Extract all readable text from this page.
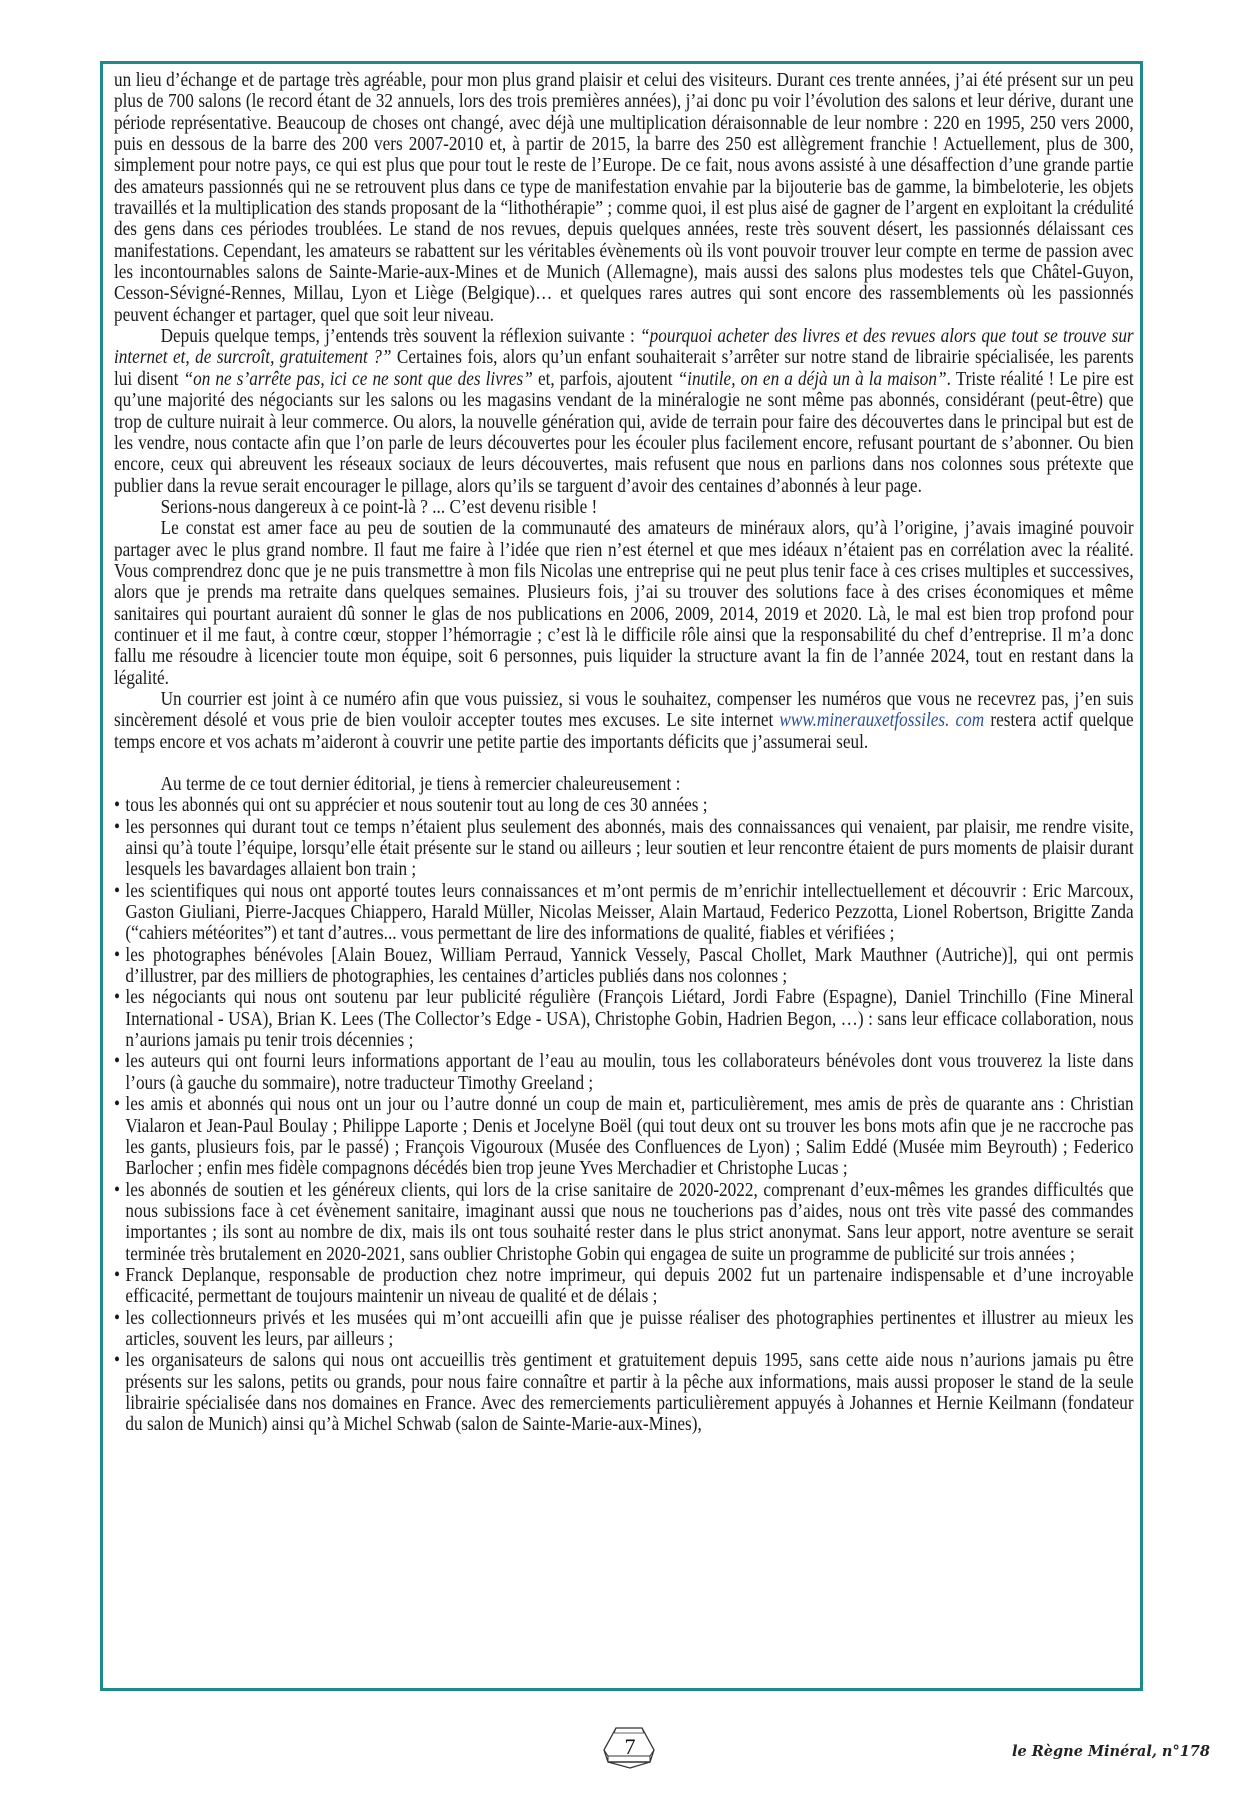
un lieu d’échange et de partage très agréable, pour mon plus grand plaisir et celui des visiteurs. Durant ces trente années, j’ai été présent sur un peu plus de 700 salons (le record étant de 32 annuels, lors des trois premières années), j’ai donc pu voir l’évolution des salons et leur dérive, durant une période représentative. Beaucoup de choses ont changé, avec déjà une multiplication déraisonnable de leur nombre : 220 en 1995, 250 vers 2000, puis en dessous de la barre des 200 vers 2007-2010 et, à partir de 2015, la barre des 250 est allègrement franchie ! Actuellement, plus de 300, simplement pour notre pays, ce qui est plus que pour tout le reste de l’Europe. De ce fait, nous avons assisté à une désaffection d’une grande partie des amateurs passionnés qui ne se retrouvent plus dans ce type de manifestation envahie par la bijouterie bas de gamme, la bimbeloterie, les objets travaillés et la multiplication des stands proposant de la “lithothérapie” ; comme quoi, il est plus aisé de gagner de l’argent en exploitant la crédulité des gens dans ces périodes troublées. Le stand de nos revues, depuis quelques années, reste très souvent désert, les passionnés délaissant ces manifestations. Cependant, les amateurs se rabattent sur les véritables évènements où ils vont pouvoir trouver leur compte en terme de passion avec les incontournables salons de Sainte-Marie-aux-Mines et de Munich (Allemagne), mais aussi des salons plus modestes tels que Châtel-Guyon, Cesson-Sévigné-Rennes, Millau, Lyon et Liège (Belgique)… et quelques rares autres qui sont encore des rassemblements où les passionnés peuvent échanger et partager, quel que soit leur niveau.

Depuis quelque temps, j’entends très souvent la réflexion suivante : “pourquoi acheter des livres et des revues alors que tout se trouve sur internet et, de surcroît, gratuitement ?” Certaines fois, alors qu’un enfant souhaiterait s’arrêter sur notre stand de librairie spécialisée, les parents lui disent “on ne s’arrête pas, ici ce ne sont que des livres” et, parfois, ajoutent “inutile, on en a déjà un à la maison”. Triste réalité ! Le pire est qu’une majorité des négociants sur les salons ou les magasins vendant de la minéralogie ne sont même pas abonnés, considérant (peut-être) que trop de culture nuirait à leur commerce. Ou alors, la nouvelle génération qui, avide de terrain pour faire des découvertes dans le principal but est de les vendre, nous contacte afin que l’on parle de leurs découvertes pour les écouler plus facilement encore, refusant pourtant de s’abonner. Ou bien encore, ceux qui abreuvent les réseaux sociaux de leurs découvertes, mais refusent que nous en parlions dans nos colonnes sous prétexte que publier dans la revue serait encourager le pillage, alors qu’ils se targuent d’avoir des centaines d’abonnés à leur page.

Serions-nous dangereux à ce point-là ? ... C’est devenu risible !

Le constat est amer face au peu de soutien de la communauté des amateurs de minéraux alors, qu’à l’origine, j’avais imaginé pouvoir partager avec le plus grand nombre. Il faut me faire à l’idée que rien n’est éternel et que mes idéaux n’étaient pas en corrélation avec la réalité. Vous comprendrez donc que je ne puis transmettre à mon fils Nicolas une entreprise qui ne peut plus tenir face à ces crises multiples et successives, alors que je prends ma retraite dans quelques semaines. Plusieurs fois, j’ai su trouver des solutions face à des crises économiques et même sanitaires qui pourtant auraient dû sonner le glas de nos publications en 2006, 2009, 2014, 2019 et 2020. Là, le mal est bien trop profond pour continuer et il me faut, à contre cœur, stopper l’hémorragie ; c’est là le difficile rôle ainsi que la responsabilité du chef d’entreprise. Il m’a donc fallu me résoudre à licencier toute mon équipe, soit 6 personnes, puis liquider la structure avant la fin de l’année 2024, tout en restant dans la légalité.

Un courrier est joint à ce numéro afin que vous puissiez, si vous le souhaitez, compenser les numéros que vous ne recevrez pas, j’en suis sincèrement désolé et vous prie de bien vouloir accepter toutes mes excuses. Le site internet www.minerauxetfossiles. com restera actif quelque temps encore et vos achats m’aideront à couvrir une petite partie des importants déficits que j’assumerai seul.

Au terme de ce tout dernier éditorial, je tiens à remercier chaleureusement :

• tous les abonnés qui ont su apprécier et nous soutenir tout au long de ces 30 années ;
• les personnes qui durant tout ce temps n’étaient plus seulement des abonnés, mais des connaissances qui venaient, par plaisir, me rendre visite, ainsi qu’à toute l’équipe, lorsqu’elle était présente sur le stand ou ailleurs ; leur soutien et leur rencontre étaient de purs moments de plaisir durant lesquels les bavardages allaient bon train ;
• les scientifiques qui nous ont apporté toutes leurs connaissances et m’ont permis de m’enrichir intellectuellement et découvrir : Eric Marcoux, Gaston Giuliani, Pierre-Jacques Chiappero, Harald Müller, Nicolas Meisser, Alain Martaud, Federico Pezzotta, Lionel Robertson, Brigitte Zanda (“cahiers météorites”) et tant d’autres... vous permettant de lire des informations de qualité, fiables et vérifiées ;
• les photographes bénévoles [Alain Bouez, William Perraud, Yannick Vessely, Pascal Chollet, Mark Mauthner (Autriche)], qui ont permis d’illustrer, par des milliers de photographies, les centaines d’articles publiés dans nos colonnes ;
• les négociants qui nous ont soutenu par leur publicité régulière (François Liétard, Jordi Fabre (Espagne), Daniel Trinchillo (Fine Mineral International - USA), Brian K. Lees (The Collector’s Edge - USA), Christophe Gobin, Hadrien Begon, …) : sans leur efficace collaboration, nous n’aurions jamais pu tenir trois décennies ;
• les auteurs qui ont fourni leurs informations apportant de l’eau au moulin, tous les collaborateurs bénévoles dont vous trouverez la liste dans l’ours (à gauche du sommaire), notre traducteur Timothy Greeland ;
• les amis et abonnés qui nous ont un jour ou l’autre donné un coup de main et, particulièrement, mes amis de près de quarante ans : Christian Vialaron et Jean-Paul Boulay ; Philippe Laporte ; Denis et Jocelyne Boël (qui tout deux ont su trouver les bons mots afin que je ne raccroche pas les gants, plusieurs fois, par le passé) ; François Vigouroux (Musée des Confluences de Lyon) ; Salim Eddé (Musée mim Beyrouth) ; Federico Barlocher ; enfin mes fidèle compagnons décédés bien trop jeune Yves Merchadier et Christophe Lucas ;
• les abonnés de soutien et les généreux clients, qui lors de la crise sanitaire de 2020-2022, comprenant d’eux-mêmes les grandes difficultés que nous subissions face à cet évènement sanitaire, imaginant aussi que nous ne toucherions pas d’aides, nous ont très vite passé des commandes importantes ; ils sont au nombre de dix, mais ils ont tous souhaité rester dans le plus strict anonymat. Sans leur apport, notre aventure se serait terminée très brutalement en 2020-2021, sans oublier Christophe Gobin qui engagea de suite un programme de publicité sur trois années ;
• Franck Deplanque, responsable de production chez notre imprimeur, qui depuis 2002 fut un partenaire indispensable et d’une incroyable efficacité, permettant de toujours maintenir un niveau de qualité et de délais ;
• les collectionneurs privés et les musées qui m’ont accueilli afin que je puisse réaliser des photographies pertinentes et illustrer au mieux les articles, souvent les leurs, par ailleurs ;
• les organisateurs de salons qui nous ont accueillis très gentiment et gratuitement depuis 1995, sans cette aide nous n’aurions jamais pu être présents sur les salons, petits ou grands, pour nous faire connaître et partir à la pêche aux informations, mais aussi proposer le stand de la seule librairie spécialisée dans nos domaines en France. Avec des remerciements particulièrement appuyés à Johannes et Hernie Keilmann (fondateur du salon de Munich) ainsi qu’à Michel Schwab (salon de Sainte-Marie-aux-Mines),
7	le Règne Minéral, n°178
